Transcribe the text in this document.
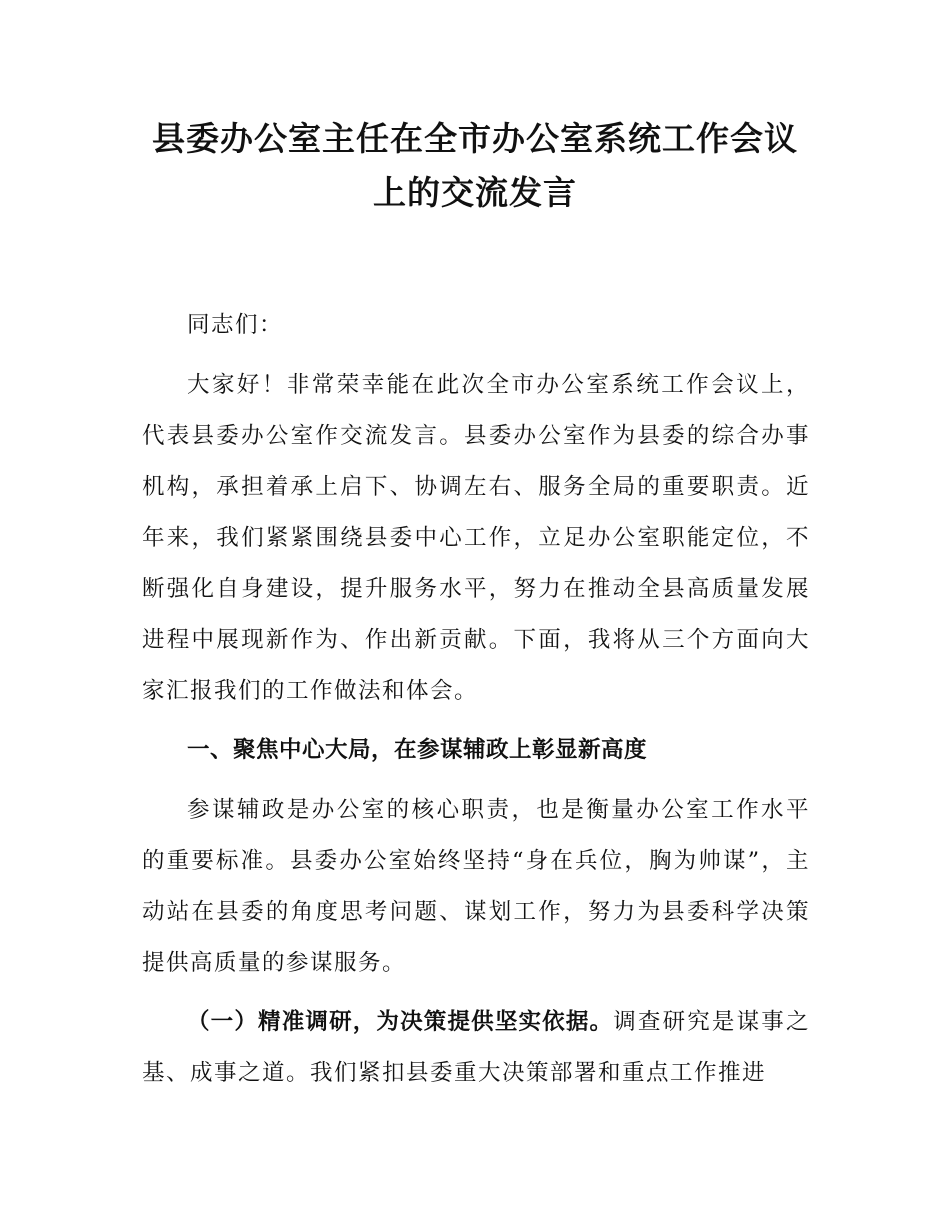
县委办公室主任在全市办公室系统工作会议
上的交流发言

同志们：

大家好！非常荣幸能在此次全市办公室系统工作会议上，代表县委办公室作交流发言。县委办公室作为县委的综合办事机构，承担着承上启下、协调左右、服务全局的重要职责。近年来，我们紧紧围绕县委中心工作，立足办公室职能定位，不断强化自身建设，提升服务水平，努力在推动全县高质量发展进程中展现新作为、作出新贡献。下面，我将从三个方面向大家汇报我们的工作做法和体会。

一、聚焦中心大局，在参谋辅政上彰显新高度

参谋辅政是办公室的核心职责，也是衡量办公室工作水平的重要标准。县委办公室始终坚持“身在兵位，胸为帅谋”，主动站在县委的角度思考问题、谋划工作，努力为县委科学决策提供高质量的参谋服务。

（一）精准调研，为决策提供坚实依据。调查研究是谋事之基、成事之道。我们紧扣县委重大决策部署和重点工作推进
